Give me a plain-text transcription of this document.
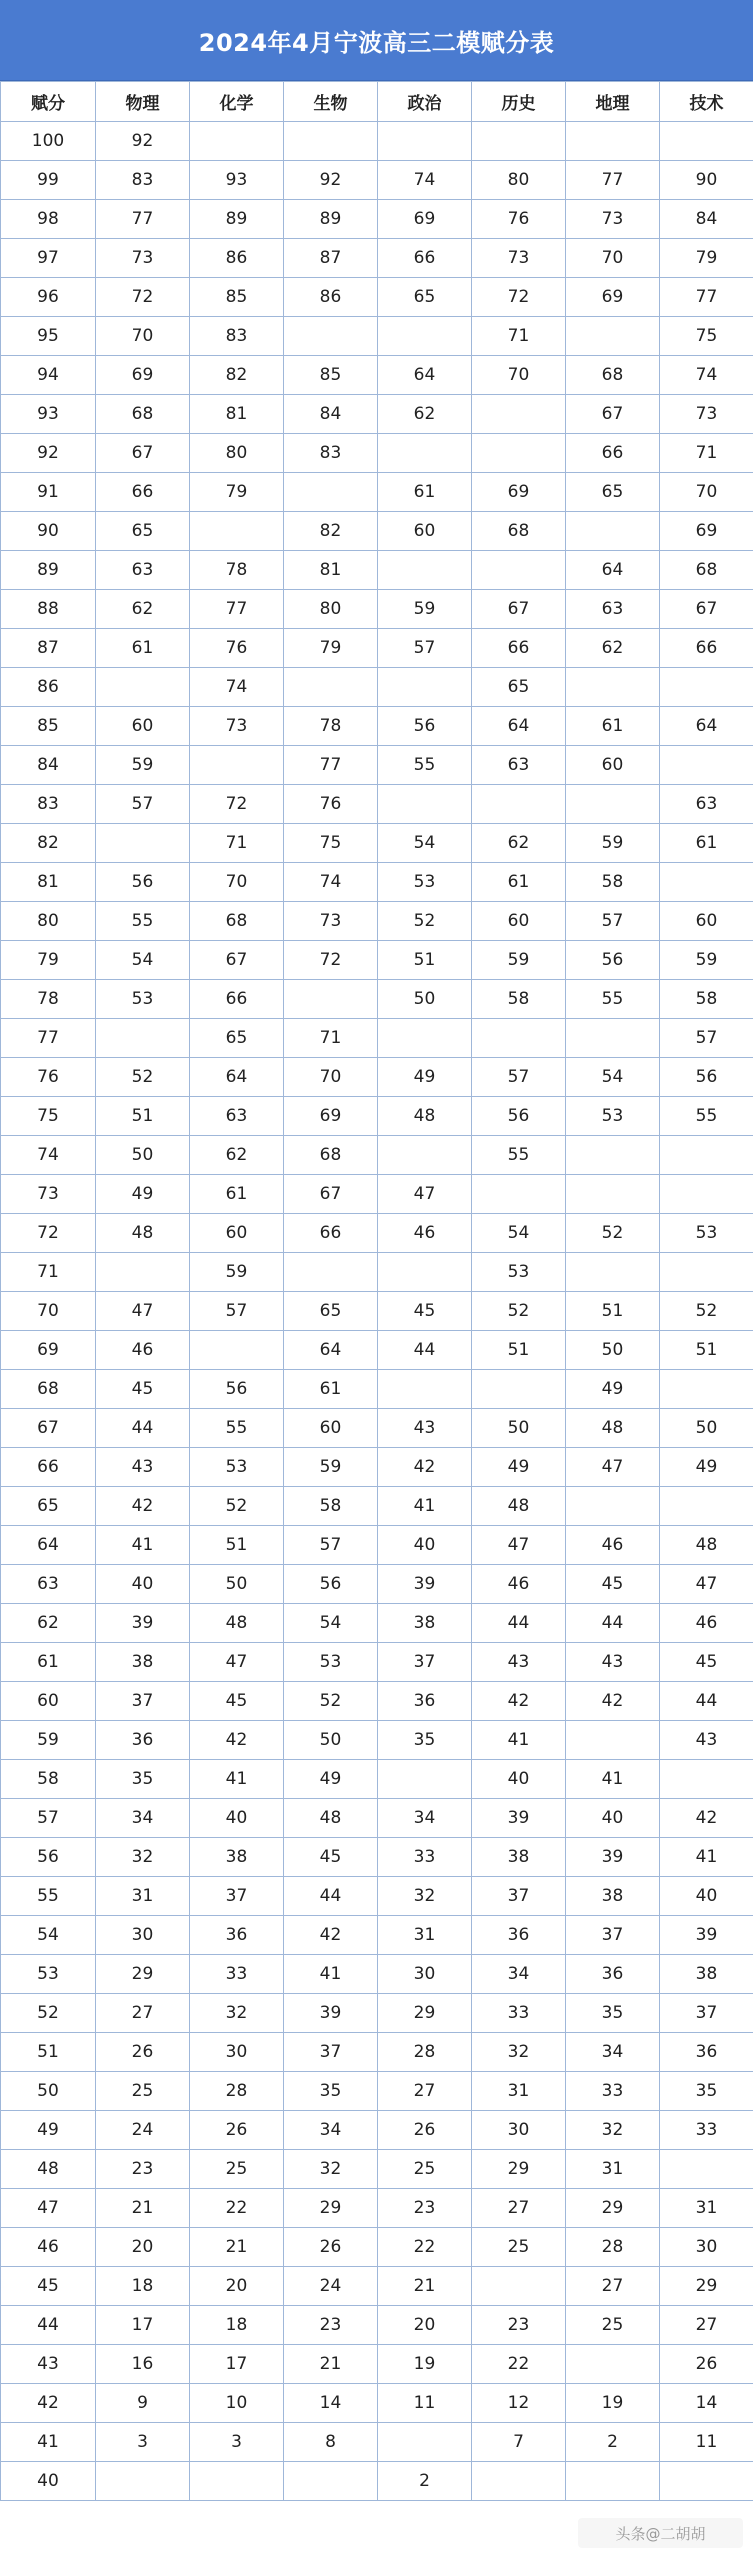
2024年4月宁波高三二模赋分表
赋分	物理	化学	生物	政治	历史	地理	技术
100	92						
99	83	93	92	74	80	77	90
98	77	89	89	69	76	73	84
97	73	86	87	66	73	70	79
96	72	85	86	65	72	69	77
95	70	83			71		75
94	69	82	85	64	70	68	74
93	68	81	84	62		67	73
92	67	80	83			66	71
91	66	79		61	69	65	70
90	65		82	60	68		69
89	63	78	81			64	68
88	62	77	80	59	67	63	67
87	61	76	79	57	66	62	66
86		74			65		
85	60	73	78	56	64	61	64
84	59		77	55	63	60	
83	57	72	76				63
82		71	75	54	62	59	61
81	56	70	74	53	61	58	
80	55	68	73	52	60	57	60
79	54	67	72	51	59	56	59
78	53	66		50	58	55	58
77		65	71				57
76	52	64	70	49	57	54	56
75	51	63	69	48	56	53	55
74	50	62	68		55		
73	49	61	67	47			
72	48	60	66	46	54	52	53
71		59			53		
70	47	57	65	45	52	51	52
69	46		64	44	51	50	51
68	45	56	61			49	
67	44	55	60	43	50	48	50
66	43	53	59	42	49	47	49
65	42	52	58	41	48		
64	41	51	57	40	47	46	48
63	40	50	56	39	46	45	47
62	39	48	54	38	44	44	46
61	38	47	53	37	43	43	45
60	37	45	52	36	42	42	44
59	36	42	50	35	41		43
58	35	41	49		40	41	
57	34	40	48	34	39	40	42
56	32	38	45	33	38	39	41
55	31	37	44	32	37	38	40
54	30	36	42	31	36	37	39
53	29	33	41	30	34	36	38
52	27	32	39	29	33	35	37
51	26	30	37	28	32	34	36
50	25	28	35	27	31	33	35
49	24	26	34	26	30	32	33
48	23	25	32	25	29	31	
47	21	22	29	23	27	29	31
46	20	21	26	22	25	28	30
45	18	20	24	21		27	29
44	17	18	23	20	23	25	27
43	16	17	21	19	22		26
42	9	10	14	11	12	19	14
41	3	3	8		7	2	11
40				2			
头条@二胡胡
